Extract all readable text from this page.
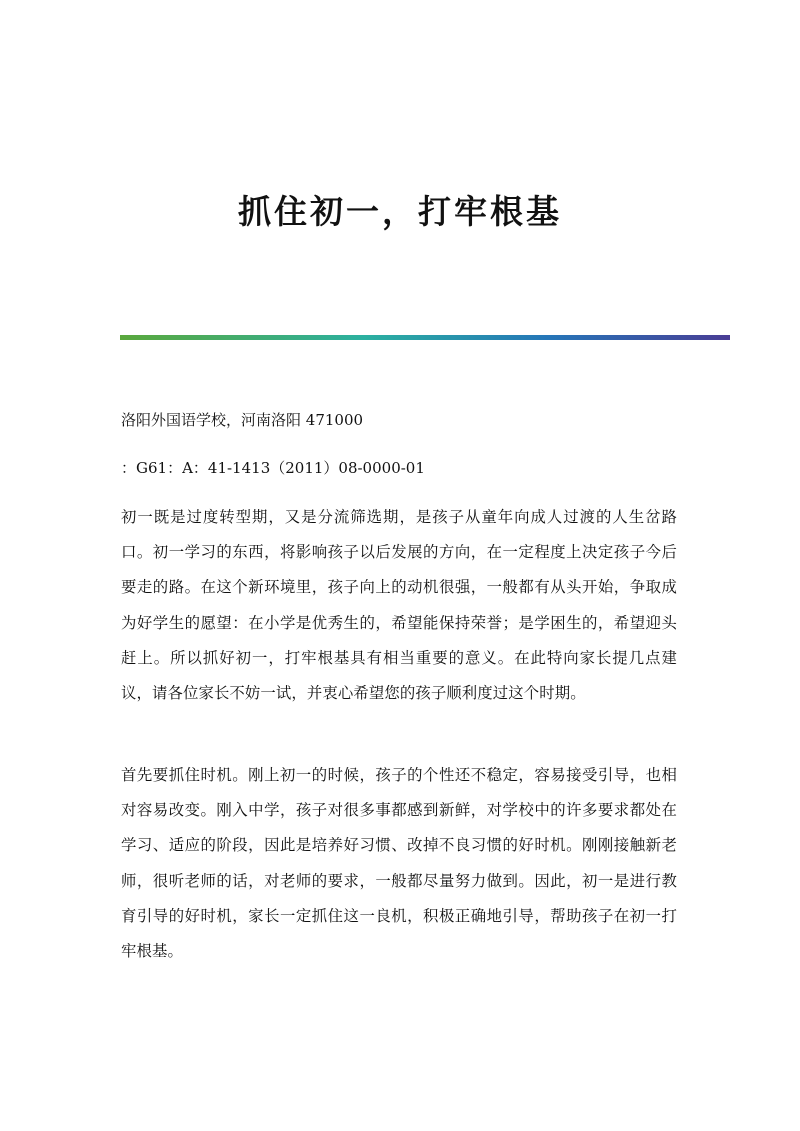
抓住初一，打牢根基
洛阳外国语学校，河南洛阳 471000
：G61：A：41-1413（2011）08-0000-01

初一既是过度转型期，又是分流筛选期，是孩子从童年向成人过渡的人生岔路口。初一学习的东西，将影响孩子以后发展的方向，在一定程度上决定孩子今后要走的路。在这个新环境里，孩子向上的动机很强，一般都有从头开始，争取成为好学生的愿望：在小学是优秀生的，希望能保持荣誉；是学困生的，希望迎头赶上。所以抓好初一，打牢根基具有相当重要的意义。在此特向家长提几点建议，请各位家长不妨一试，并衷心希望您的孩子顺利度过这个时期。

首先要抓住时机。刚上初一的时候，孩子的个性还不稳定，容易接受引导，也相对容易改变。刚入中学，孩子对很多事都感到新鲜，对学校中的许多要求都处在学习、适应的阶段，因此是培养好习惯、改掉不良习惯的好时机。刚刚接触新老师，很听老师的话，对老师的要求，一般都尽量努力做到。因此，初一是进行教育引导的好时机，家长一定抓住这一良机，积极正确地引导，帮助孩子在初一打牢根基。
